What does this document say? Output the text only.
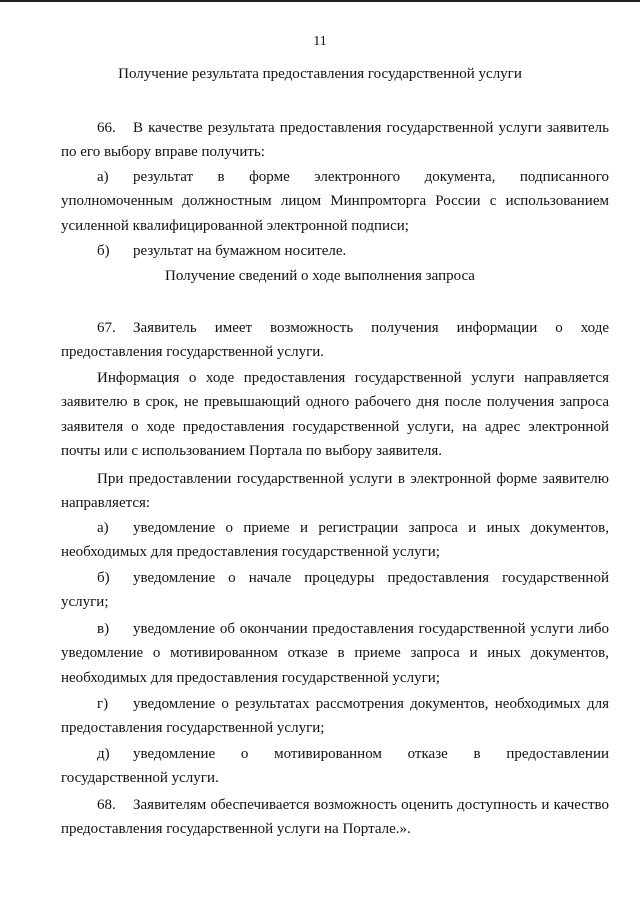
11
Получение результата предоставления государственной услуги

66. В качестве результата предоставления государственной услуги заявитель по его выбору вправе получить:

а) результат в форме электронного документа, подписанного уполномоченным должностным лицом Минпромторга России с использованием усиленной квалифицированной электронной подписи;

б) результат на бумажном носителе.

Получение сведений о ходе выполнения запроса

67. Заявитель имеет возможность получения информации о ходе предоставления государственной услуги.

Информация о ходе предоставления государственной услуги направляется заявителю в срок, не превышающий одного рабочего дня после получения запроса заявителя о ходе предоставления государственной услуги, на адрес электронной почты или с использованием Портала по выбору заявителя.

При предоставлении государственной услуги в электронной форме заявителю направляется:

а) уведомление о приеме и регистрации запроса и иных документов, необходимых для предоставления государственной услуги;

б) уведомление о начале процедуры предоставления государственной услуги;

в) уведомление об окончании предоставления государственной услуги либо уведомление о мотивированном отказе в приеме запроса и иных документов, необходимых для предоставления государственной услуги;

г) уведомление о результатах рассмотрения документов, необходимых для предоставления государственной услуги;

д) уведомление о мотивированном отказе в предоставлении государственной услуги.

68. Заявителям обеспечивается возможность оценить доступность и качество предоставления государственной услуги на Портале.».
